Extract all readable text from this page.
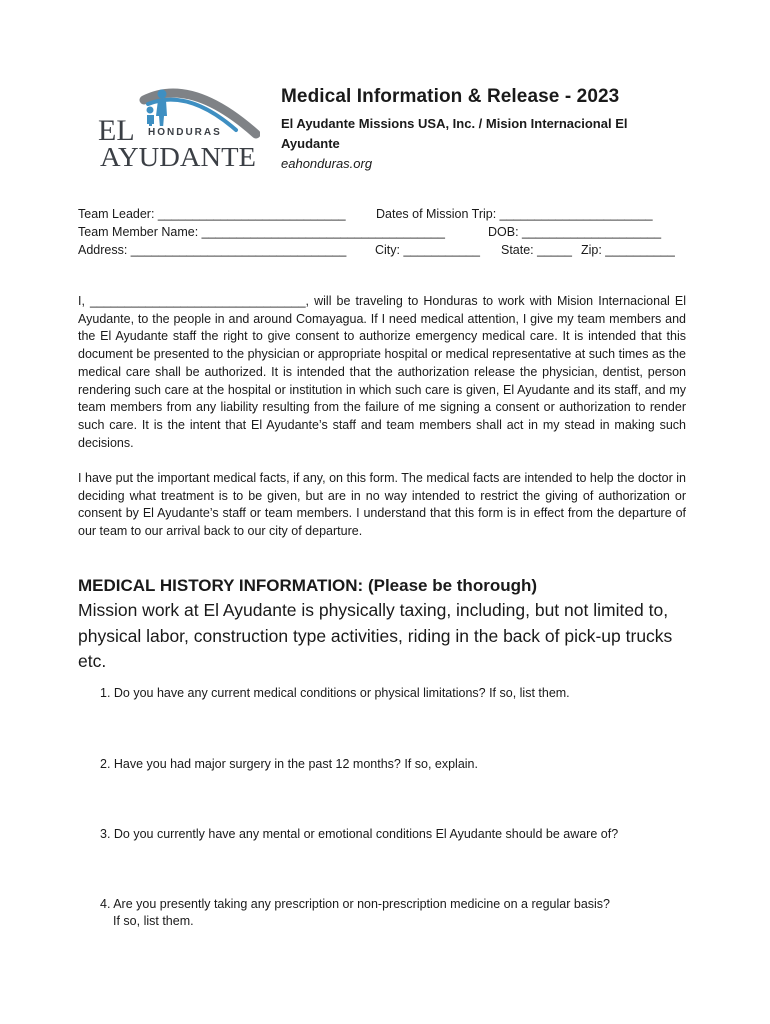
HONDURAS
EL
AYUDANTE
Medical Information & Release - 2023
El Ayudante Missions USA, Inc. / Mision Internacional El Ayudante
eahonduras.org
Team Leader: ___________________________ Dates of Mission Trip: ______________________
Team Member Name: ___________________________________	DOB: ____________________
Address: _______________________________ City: ___________ State: _____ Zip: __________

I, _______________________________, will be traveling to Honduras to work with Mision Internacional El Ayudante, to the people in and around Comayagua. If I need medical attention, I give my team members and the El Ayudante staff the right to give consent to authorize emergency medical care. It is intended that this document be presented to the physician or appropriate hospital or medical representative at such times as the medical care shall be authorized. It is intended that the authorization release the physician, dentist, person rendering such care at the hospital or institution in which such care is given, El Ayudante and its staff, and my team members from any liability resulting from the failure of me signing a consent or authorization to render such care. It is the intent that El Ayudante’s staff and team members shall act in my stead in making such decisions.

I have put the important medical facts, if any, on this form. The medical facts are intended to help the doctor in deciding what treatment is to be given, but are in no way intended to restrict the giving of authorization or consent by El Ayudante’s staff or team members. I understand that this form is in effect from the departure of our team to our arrival back to our city of departure.

MEDICAL HISTORY INFORMATION: (Please be thorough)

Mission work at El Ayudante is physically taxing, including, but not limited to, physical labor, construction type activities, riding in the back of pick-up trucks etc.

1. Do you have any current medical conditions or physical limitations? If so, list them.

2. Have you had major surgery in the past 12 months? If so, explain.

3. Do you currently have any mental or emotional conditions El Ayudante should be aware of?

4. Are you presently taking any prescription or non-prescription medicine on a regular basis?
If so, list them.
